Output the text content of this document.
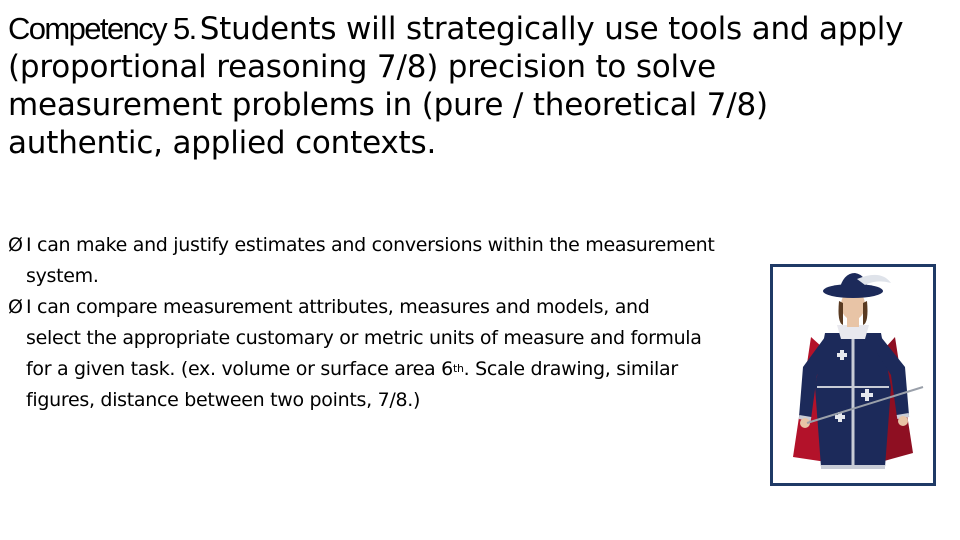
Competency 5. Students will strategically use tools and apply (proportional reasoning 7/8) precision to solve measurement problems in (pure / theoretical 7/8) authentic, applied contexts.
Ø I can make and justify estimates and conversions within the measurement system.
Ø I can compare measurement attributes, measures and models, and select the appropriate customary or metric units of measure and formula for a given task. (ex. volume or surface area 6th. Scale drawing, similar figures, distance between two points, 7/8.)
